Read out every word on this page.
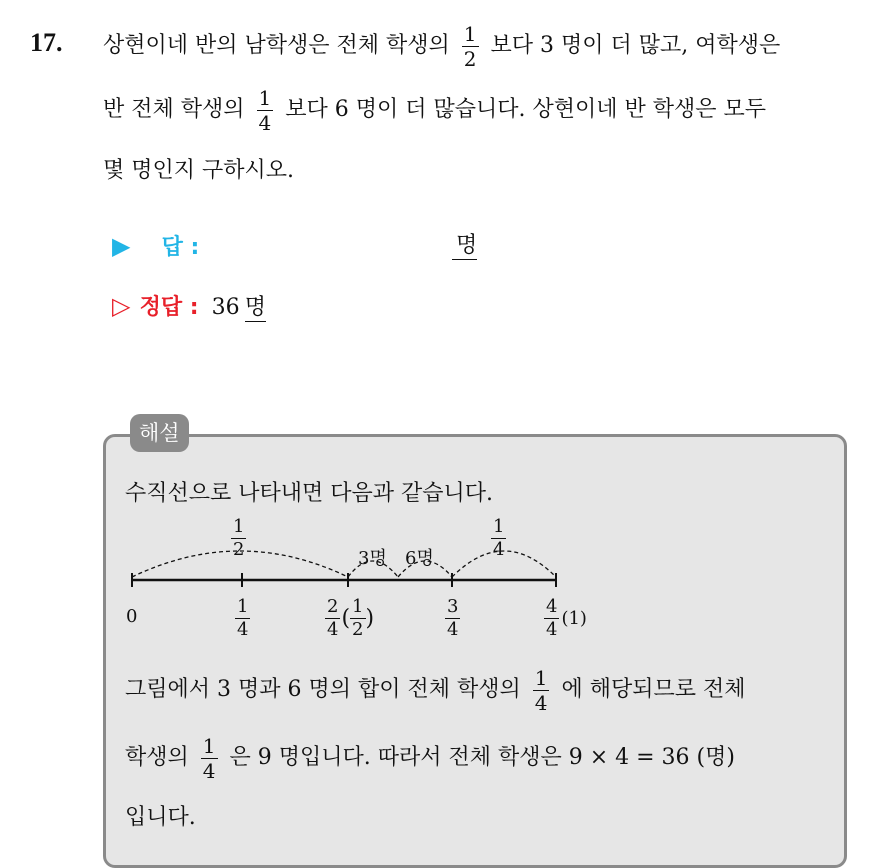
17. 상현이네 반의 남학생은 전체 학생의 $\frac{1}{2}$ 보다 3 명이 더 많고, 여학생은
반 전체 학생의 $\frac{1}{4}$ 보다 6 명이 더 많습니다. 상현이네 반 학생은 모두
몇 명인지 구하시오.
▶ 답 :	명
▷ 정답 : 36 명
해설
수직선으로 나타내면 다음과 같습니다.
$\frac{1}{2}$	$\frac{1}{4}$
3명 6명
0	$\frac{1}{4}$	$\frac{2}{4}$ ( $\frac{1}{2}$ )	$\frac{3}{4}$	$\frac{4}{4} (1)$
그림에서 3 명과 6 명의 합이 전체 학생의 $\frac{1}{4}$ 에 해당되므로 전체
학생의 $\frac{1}{4}$ 은 9 명입니다. 따라서 전체 학생은 9 × 4 = 36 (명)
입니다.
